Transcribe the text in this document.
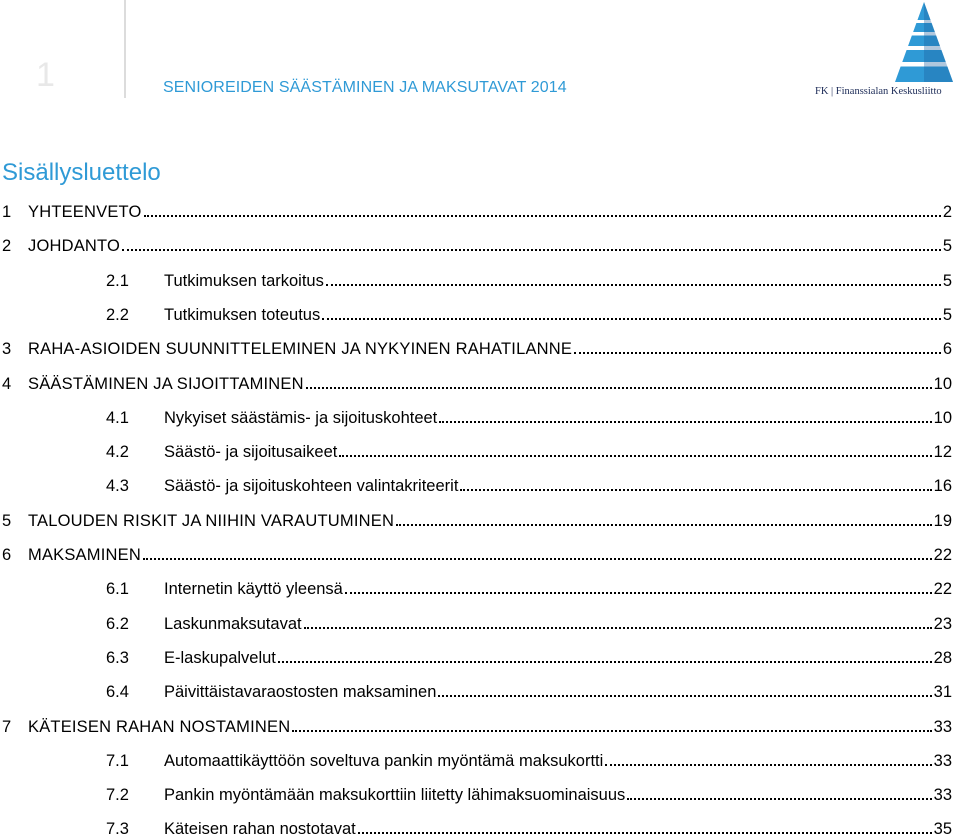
1	SENIOREIDEN SÄÄSTÄMINEN JA MAKSUTAVAT 2014	FK | Finanssialan Keskusliitto
Sisällysluettelo
1	YHTEENVETO	2
2	JOHDANTO	5
2.1	Tutkimuksen tarkoitus	5
2.2	Tutkimuksen toteutus	5
3	RAHA-ASIOIDEN SUUNNITTELEMINEN JA NYKYINEN RAHATILANNE	6
4	SÄÄSTÄMINEN JA SIJOITTAMINEN	10
4.1	Nykyiset säästämis- ja sijoituskohteet	10
4.2	Säästö- ja sijoitusaikeet	12
4.3	Säästö- ja sijoituskohteen valintakriteerit	16
5	TALOUDEN RISKIT JA NIIHIN VARAUTUMINEN	19
6	MAKSAMINEN	22
6.1	Internetin käyttö yleensä	22
6.2	Laskunmaksutavat	23
6.3	E-laskupalvelut	28
6.4	Päivittäistavaraostosten maksaminen	31
7	KÄTEISEN RAHAN NOSTAMINEN	33
7.1	Automaattikäyttöön soveltuva pankin myöntämä maksukortti	33
7.2	Pankin myöntämään maksukorttiin liitetty lähimaksuominaisuus	33
7.3	Käteisen rahan nostotavat	35
